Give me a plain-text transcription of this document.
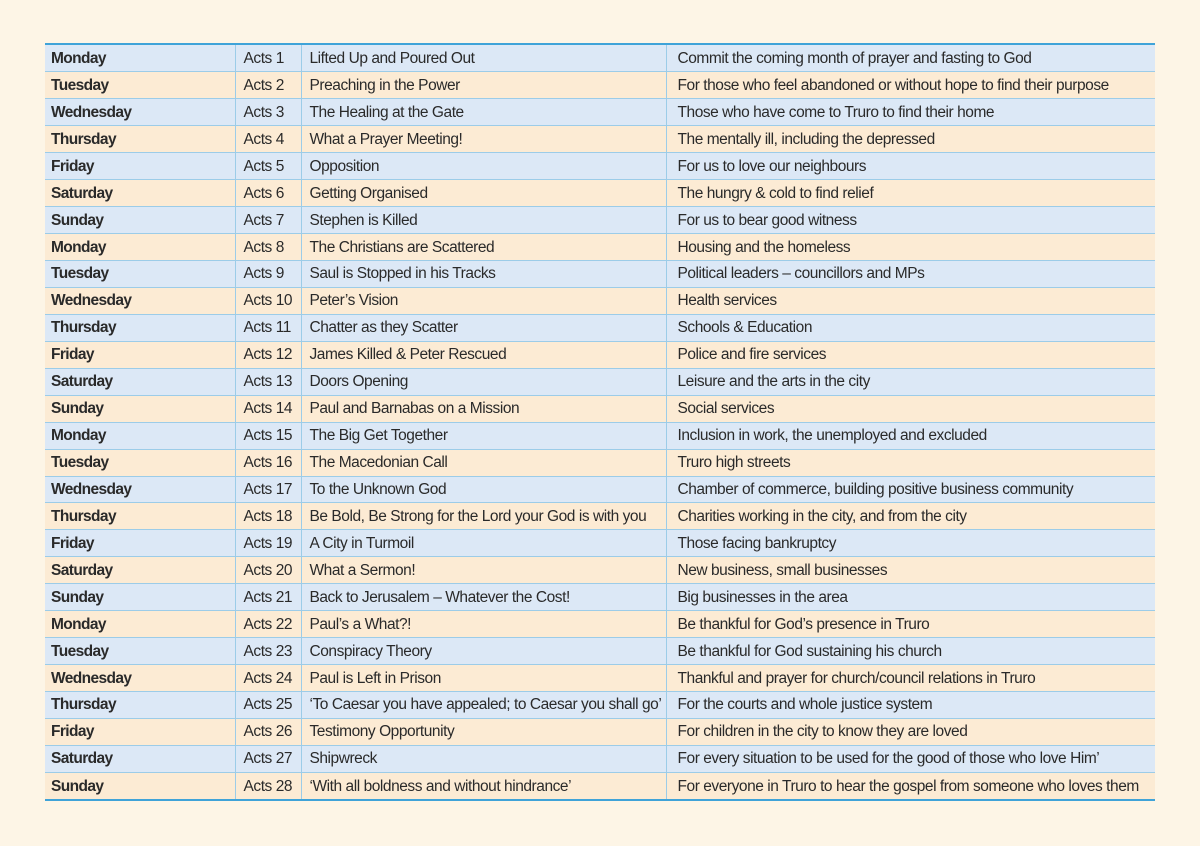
Monday	Acts 1	Lifted Up and Poured Out	Commit the coming month of prayer and fasting to God
Tuesday	Acts 2	Preaching in the Power	For those who feel abandoned or without hope to find their purpose
Wednesday	Acts 3	The Healing at the Gate	Those who have come to Truro to find their home
Thursday	Acts 4	What a Prayer Meeting!	The mentally ill, including the depressed
Friday	Acts 5	Opposition	For us to love our neighbours
Saturday	Acts 6	Getting Organised	The hungry & cold to find relief
Sunday	Acts 7	Stephen is Killed	For us to bear good witness
Monday	Acts 8	The Christians are Scattered	Housing and the homeless
Tuesday	Acts 9	Saul is Stopped in his Tracks	Political leaders – councillors and MPs
Wednesday	Acts 10	Peter’s Vision	Health services
Thursday	Acts 11	Chatter as they Scatter	Schools & Education
Friday	Acts 12	James Killed & Peter Rescued	Police and fire services
Saturday	Acts 13	Doors Opening	Leisure and the arts in the city
Sunday	Acts 14	Paul and Barnabas on a Mission	Social services
Monday	Acts 15	The Big Get Together	Inclusion in work, the unemployed and excluded
Tuesday	Acts 16	The Macedonian Call	Truro high streets
Wednesday	Acts 17	To the Unknown God	Chamber of commerce, building positive business community
Thursday	Acts 18	Be Bold, Be Strong for the Lord your God is with you	Charities working in the city, and from the city
Friday	Acts 19	A City in Turmoil	Those facing bankruptcy
Saturday	Acts 20	What a Sermon!	New business, small businesses
Sunday	Acts 21	Back to Jerusalem – Whatever the Cost!	Big businesses in the area
Monday	Acts 22	Paul’s a What?!	Be thankful for God’s presence in Truro
Tuesday	Acts 23	Conspiracy Theory	Be thankful for God sustaining his church
Wednesday	Acts 24	Paul is Left in Prison	Thankful and prayer for church/council relations in Truro
Thursday	Acts 25	‘To Caesar you have appealed; to Caesar you shall go’	For the courts and whole justice system
Friday	Acts 26	Testimony Opportunity	For children in the city to know they are loved
Saturday	Acts 27	Shipwreck	For every situation to be used for the good of those who love Him’
Sunday	Acts 28	‘With all boldness and without hindrance’	For everyone in Truro to hear the gospel from someone who loves them
